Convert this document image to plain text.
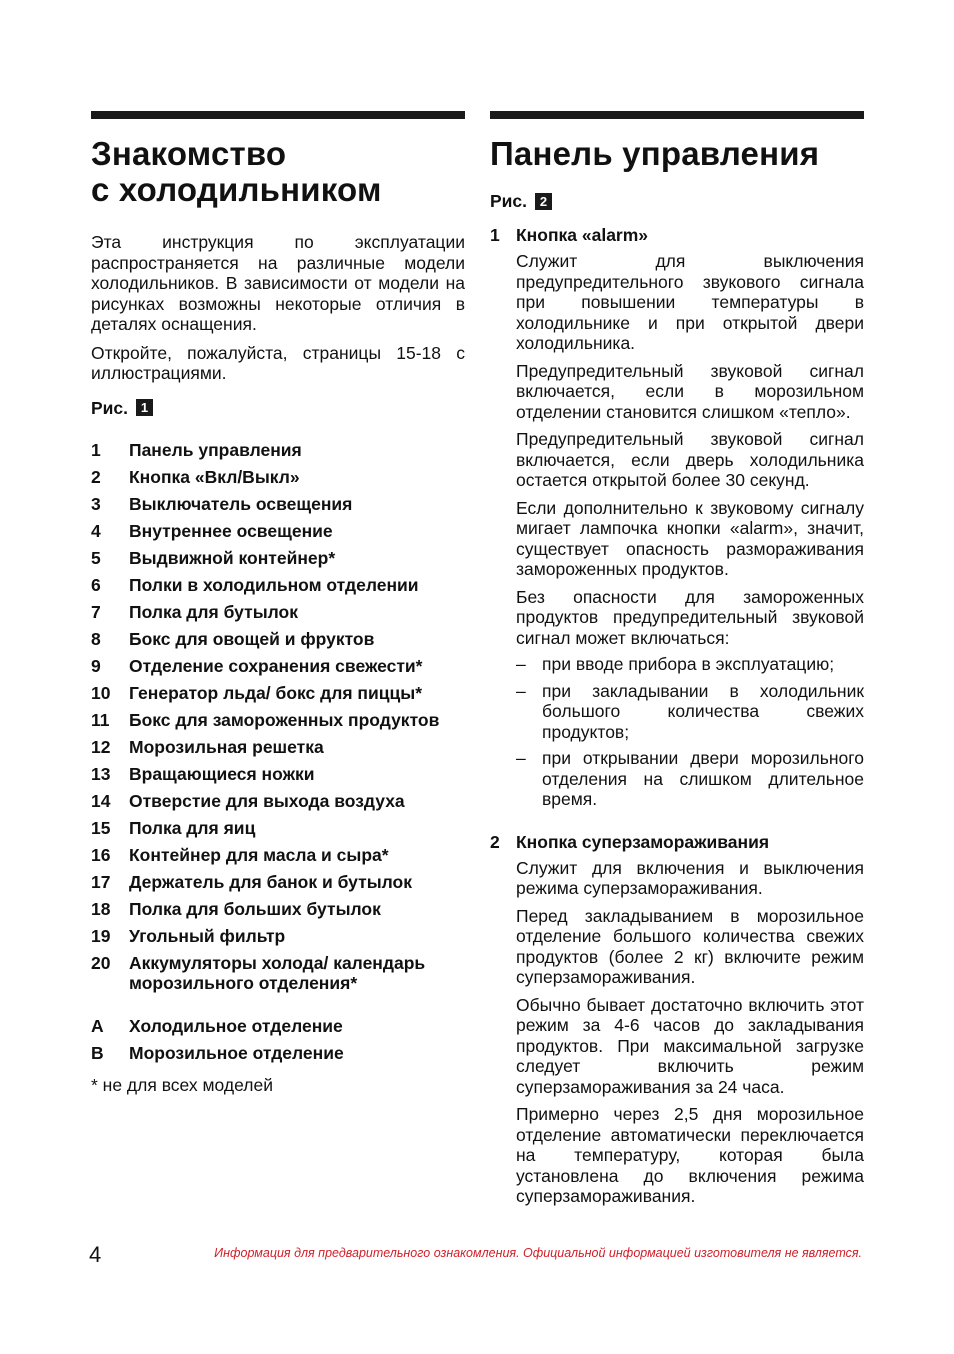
Знакомство
с холодильником

Эта инструкция по эксплуатации распространяется на различные модели холодильников. В зависимости от модели на рисунках возможны некоторые отличия в деталях оснащения.

Откройте, пожалуйста, страницы 15-18 с иллюстрациями.

Рис. 1
1	Панель управления
2	Кнопка «Вкл/Выкл»
3	Выключатель освещения
4	Внутреннее освещение
5	Выдвижной контейнер*
6	Полки в холодильном отделении
7	Полка для бутылок
8	Бокс для овощей и фруктов
9	Отделение сохранения свежести*
10	Генератор льда/ бокс для пиццы*
11	Бокс для замороженных продуктов
12	Морозильная решетка
13	Вращающиеся ножки
14	Отверстие для выхода воздуха
15	Полка для яиц
16	Контейнер для масла и сыра*
17	Держатель для банок и бутылок
18	Полка для больших бутылок
19	Угольный фильтр
20	Аккумуляторы холода/ календарь морозильного отделения*
A	Холодильное отделение
B	Морозильное отделение
* не для всех моделей
Панель управления
Рис. 2
1 Кнопка «alarm»

Служит для выключения предупредительного звукового сигнала при повышении температуры в холодильнике и при открытой двери холодильника.

Предупредительный звуковой сигнал включается, если в морозильном отделении становится слишком «тепло».

Предупредительный звуковой сигнал включается, если дверь холодильника остается открытой более 30 секунд.

Если дополнительно к звуковому сигналу мигает лампочка кнопки «alarm», значит, существует опасность размораживания замороженных продуктов.

Без опасности для замороженных продуктов предупредительный звуковой сигнал может включаться:

– при вводе прибора в эксплуатацию;

– при закладывании в холодильник большого количества свежих продуктов;

– при открывании двери морозильного отделения на слишком длительное время.

2 Кнопка суперзамораживания

Служит для включения и выключения режима суперзамораживания.

Перед закладыванием в морозильное отделение большого количества свежих продуктов (более 2 кг) включите режим суперзамораживания.

Обычно бывает достаточно включить этот режим за 4-6 часов до закладывания продуктов. При максимальной загрузке следует включить режим суперзамораживания за 24 часа.

Примерно через 2,5 дня морозильное отделение автоматически переключается на температуру, которая была установлена до включения режима суперзамораживания.

4	Информация для предварительного ознакомления. Официальной информацией изготовителя не является.
